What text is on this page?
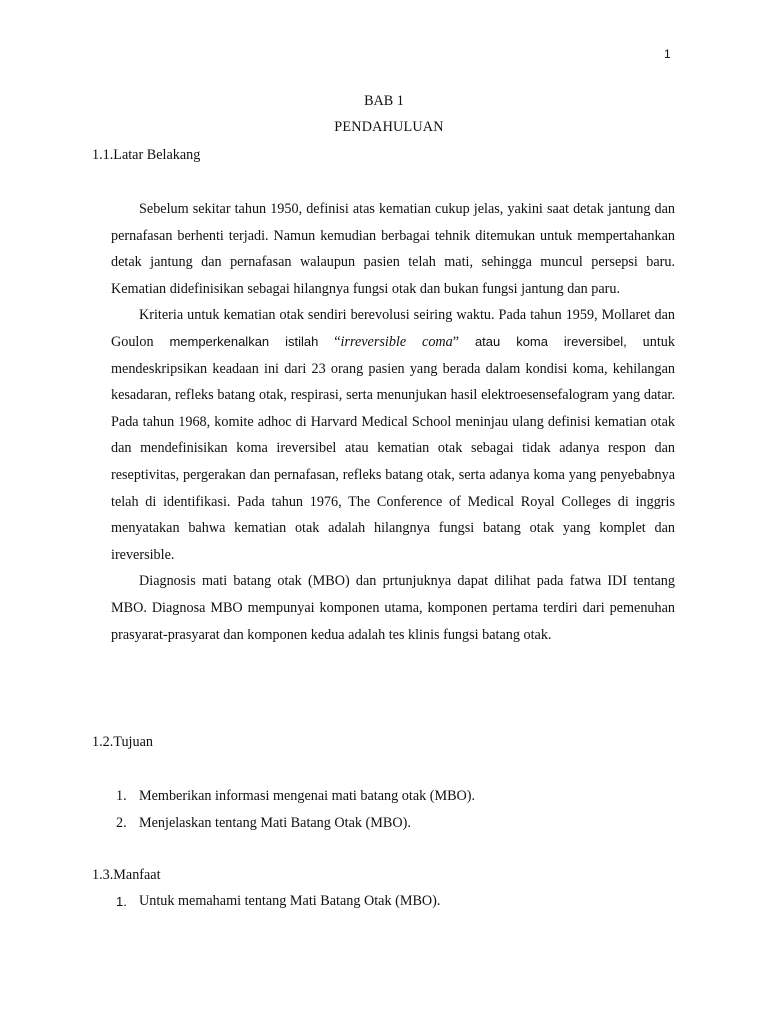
1
BAB 1
PENDAHULUAN
1.1.Latar Belakang

Sebelum sekitar tahun 1950, definisi atas kematian cukup jelas, yakini saat detak jantung dan pernafasan berhenti terjadi. Namun kemudian berbagai tehnik ditemukan untuk mempertahankan detak jantung dan pernafasan walaupun pasien telah mati, sehingga muncul persepsi baru. Kematian didefinisikan sebagai hilangnya fungsi otak dan bukan fungsi jantung dan paru.

Kriteria untuk kematian otak sendiri berevolusi seiring waktu. Pada tahun 1959, Mollaret dan Goulon memperkenalkan istilah “irreversible coma” atau koma ireversibel, untuk mendeskripsikan keadaan ini dari 23 orang pasien yang berada dalam kondisi koma, kehilangan kesadaran, refleks batang otak, respirasi, serta menunjukan hasil elektroesensefalogram yang datar. Pada tahun 1968, komite adhoc di Harvard Medical School meninjau ulang definisi kematian otak dan mendefinisikan koma ireversibel atau kematian otak sebagai tidak adanya respon dan reseptivitas, pergerakan dan pernafasan, refleks batang otak, serta adanya koma yang penyebabnya telah di identifikasi. Pada tahun 1976, The Conference of Medical Royal Colleges di inggris menyatakan bahwa kematian otak adalah hilangnya fungsi batang otak yang komplet dan ireversible.

Diagnosis mati batang otak (MBO) dan prtunjuknya dapat dilihat pada fatwa IDI tentang MBO. Diagnosa MBO mempunyai komponen utama, komponen pertama terdiri dari pemenuhan prasyarat-prasyarat dan komponen kedua adalah tes klinis fungsi batang otak.

1.2.Tujuan
1. Memberikan informasi mengenai mati batang otak (MBO).
2. Menjelaskan tentang Mati Batang Otak (MBO).
1.3.Manfaat
1. Untuk memahami tentang Mati Batang Otak (MBO).
